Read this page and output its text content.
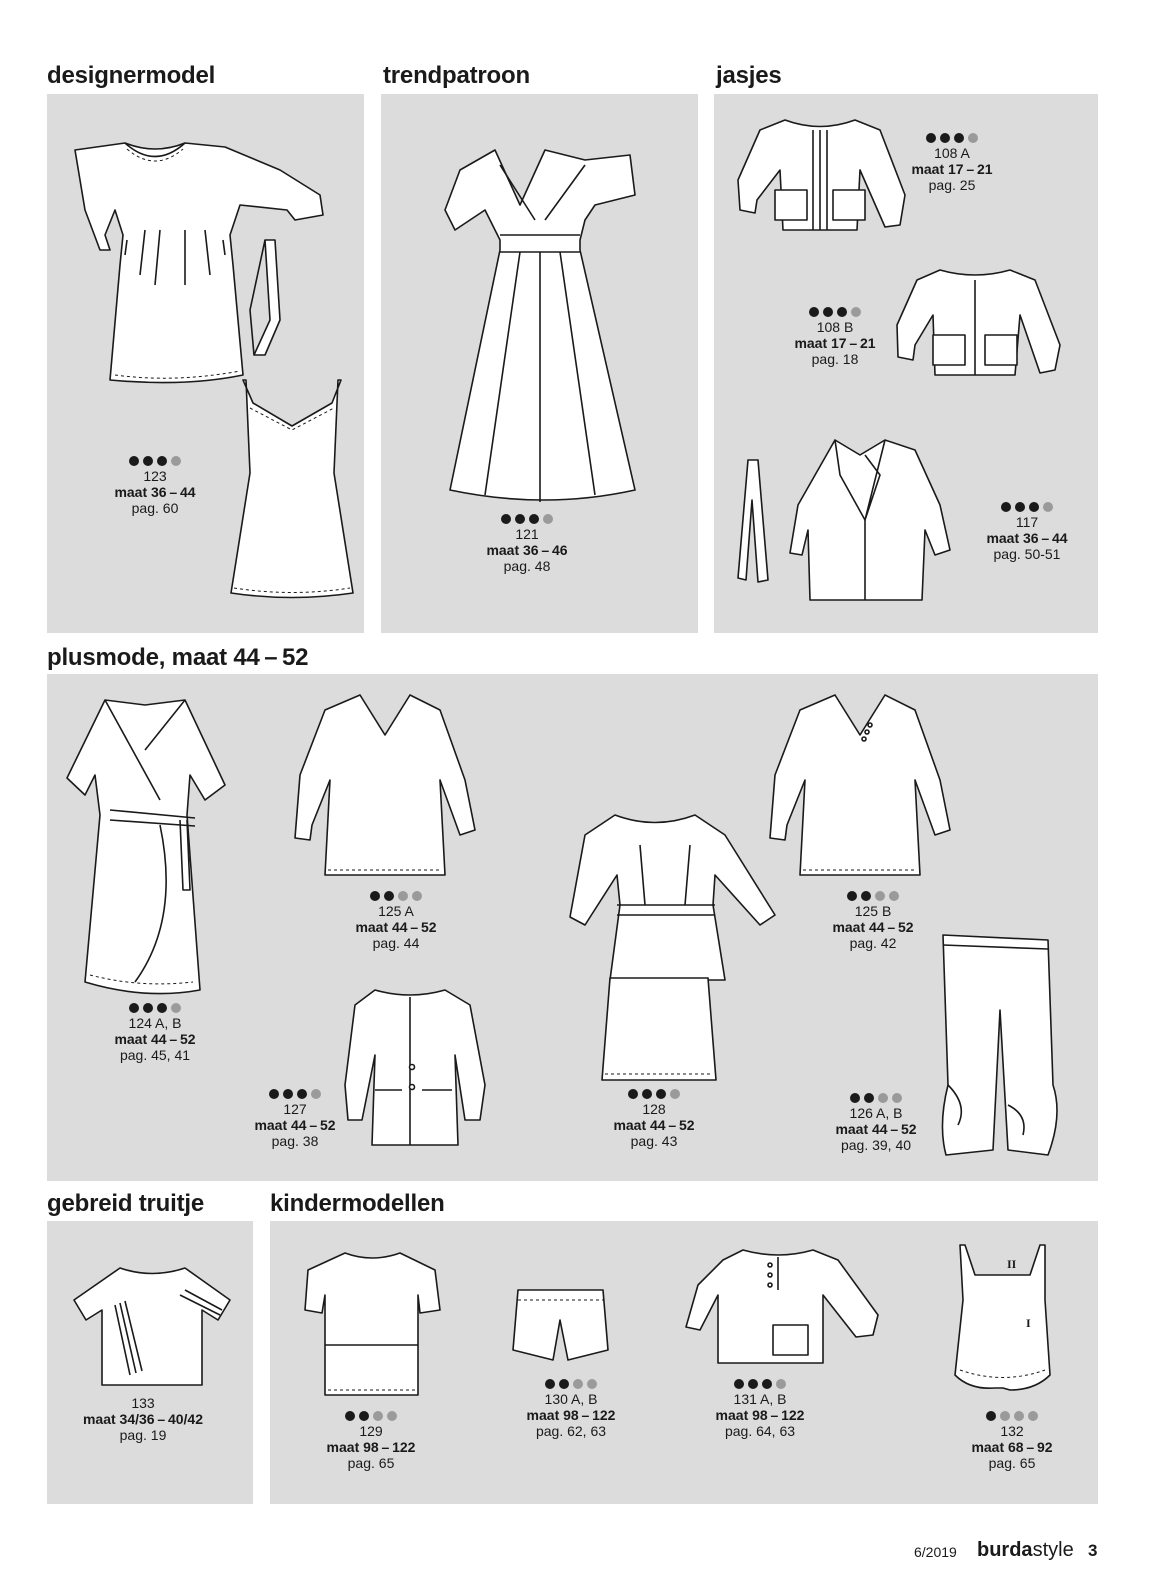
designermodel	trendpatroon	jasjes
plusmode, maat 44 – 52
gebreid truitje	kindermodellen
II
I
123
maat 36 – 44
pag. 60
121
maat 36 – 46
pag. 48
108 A
maat 17 – 21
pag. 25
108 B
maat 17 – 21
pag. 18
117
maat 36 – 44
pag. 50-51
124 A, B
maat 44 – 52
pag. 45, 41
125 A
maat 44 – 52
pag. 44
125 B
maat 44 – 52
pag. 42
127
maat 44 – 52
pag. 38
128
maat 44 – 52
pag. 43
126 A, B
maat 44 – 52
pag. 39, 40
133
maat 34/36 – 40/42
pag. 19	129
maat 98 – 122
pag. 65
130 A, B
maat 98 – 122
pag. 62, 63
131 A, B
maat 98 – 122
pag. 64, 63	132
maat 68 – 92
pag. 65
6/2019 burdastyle 3
